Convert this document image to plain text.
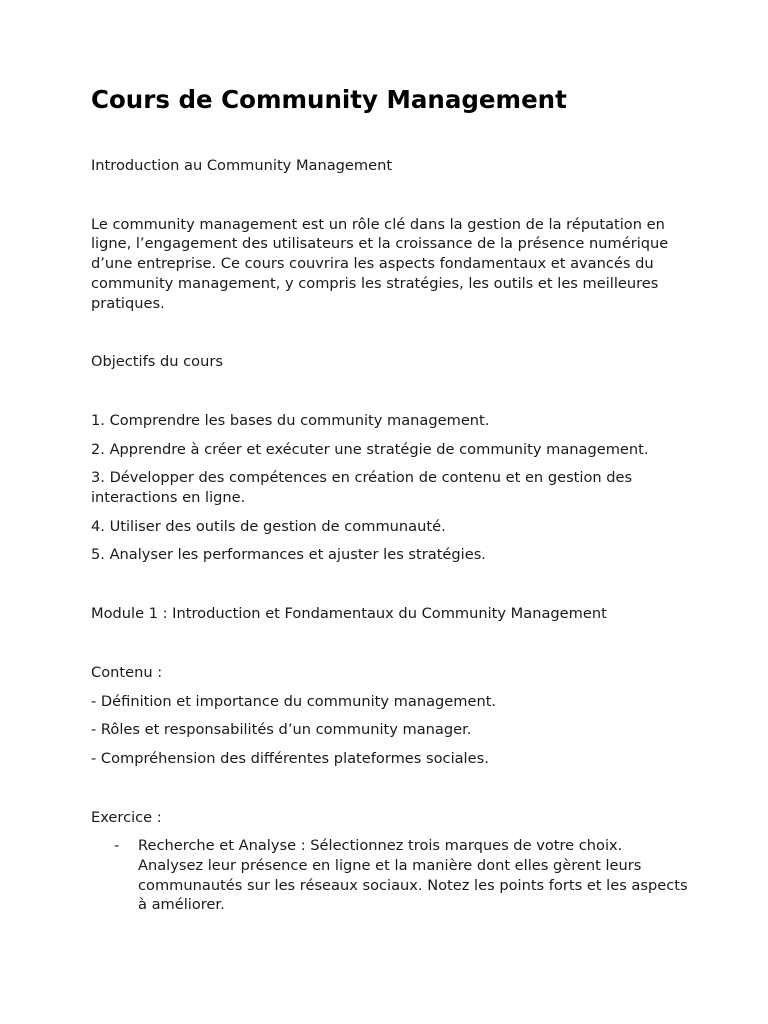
Cours de Community Management

Introduction au Community Management

Le community management est un rôle clé dans la gestion de la réputation en ligne, l’engagement des utilisateurs et la croissance de la présence numérique d’une entreprise. Ce cours couvrira les aspects fondamentaux et avancés du community management, y compris les stratégies, les outils et les meilleures pratiques.

Objectifs du cours

1. Comprendre les bases du community management.

2. Apprendre à créer et exécuter une stratégie de community management.

3. Développer des compétences en création de contenu et en gestion des interactions en ligne.

4. Utiliser des outils de gestion de communauté.

5. Analyser les performances et ajuster les stratégies.

Module 1 : Introduction et Fondamentaux du Community Management

Contenu :

- Définition et importance du community management.

- Rôles et responsabilités d’un community manager.

- Compréhension des différentes plateformes sociales.

Exercice :

- Recherche et Analyse : Sélectionnez trois marques de votre choix. Analysez leur présence en ligne et la manière dont elles gèrent leurs communautés sur les réseaux sociaux. Notez les points forts et les aspects à améliorer.
